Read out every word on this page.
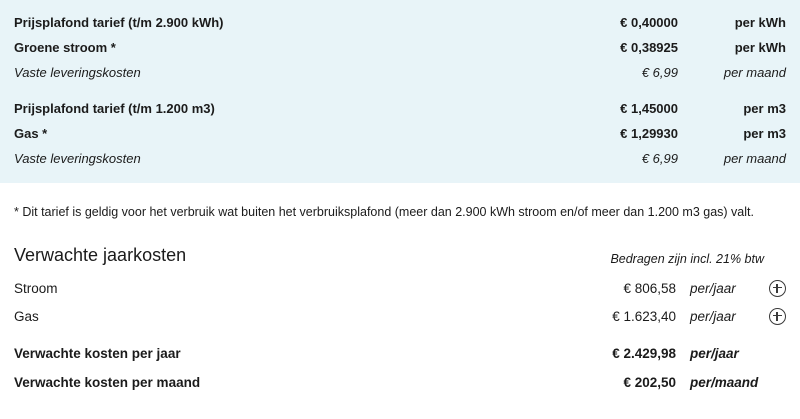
Prijsplafond tarief (t/m 2.900 kWh)	€ 0,40000	per kWh
Groene stroom *	€ 0,38925	per kWh
Vaste leveringskosten	€ 6,99	per maand
Prijsplafond tarief (t/m 1.200 m3)	€ 1,45000	per m3
Gas *	€ 1,29930	per m3
Vaste leveringskosten	€ 6,99	per maand
* Dit tarief is geldig voor het verbruik wat buiten het verbruiksplafond (meer dan 2.900 kWh stroom en/of meer dan 1.200 m3 gas) valt.
Verwachte jaarkosten	Bedragen zijn incl. 21% btw
Stroom	€ 806,58	per/jaar
Gas	€ 1.623,40	per/jaar
Verwachte kosten per jaar	€ 2.429,98	per/jaar
Verwachte kosten per maand	€ 202,50	per/maand
